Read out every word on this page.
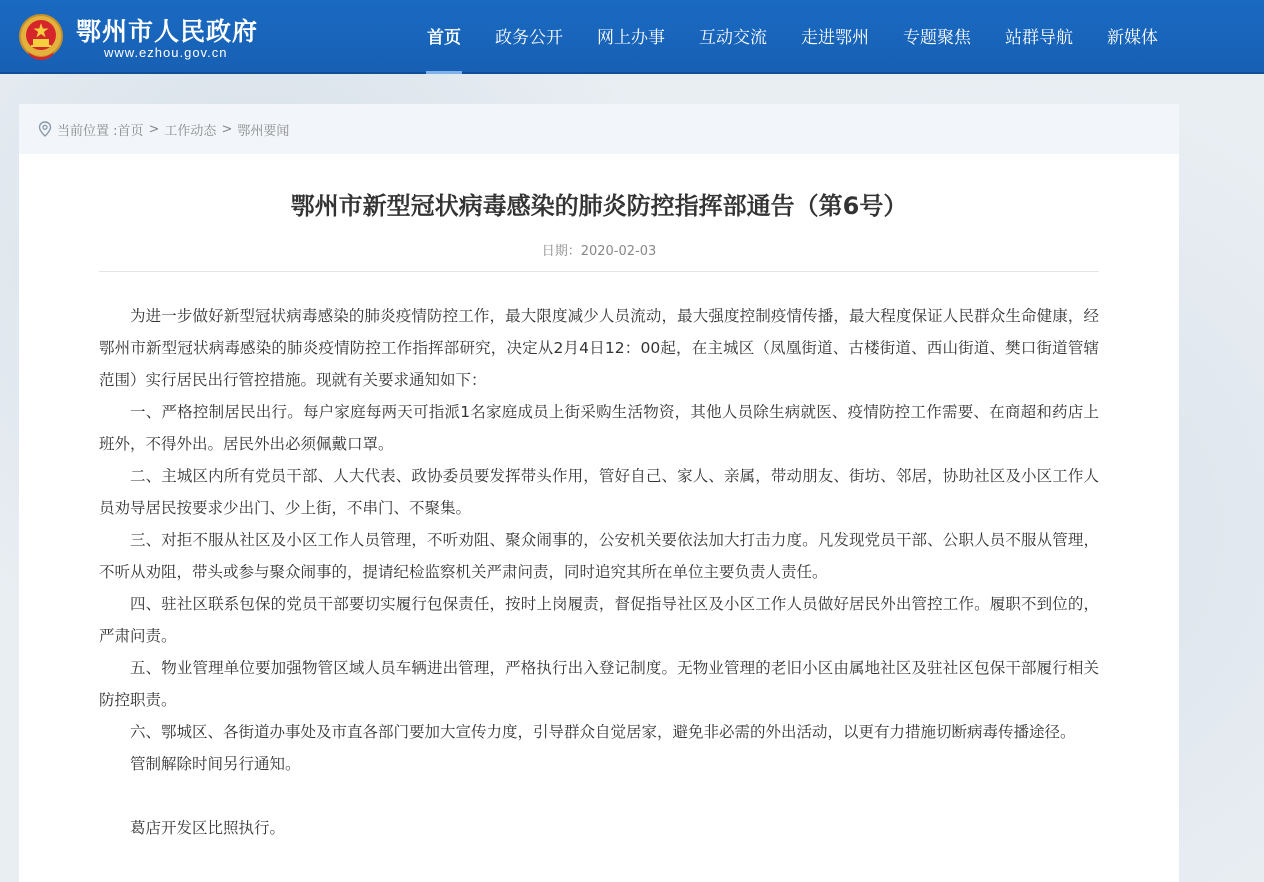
鄂州市人民政府
www.ezhou.gov.cn
首页	政务公开	网上办事	互动交流	走进鄂州	专题聚焦	站群导航	新媒体
当前位置 :首页 > 工作动态 > 鄂州要闻
鄂州市新型冠状病毒感染的肺炎防控指挥部通告（第6号）
日期：2020-02-03

为进一步做好新型冠状病毒感染的肺炎疫情防控工作，最大限度减少人员流动，最大强度控制疫情传播，最大程度保证人民群众生命健康，经鄂州市新型冠状病毒感染的肺炎疫情防控工作指挥部研究，决定从2月4日12：00起，在主城区（凤凰街道、古楼街道、西山街道、樊口街道管辖范围）实行居民出行管控措施。现就有关要求通知如下：

一、严格控制居民出行。每户家庭每两天可指派1名家庭成员上街采购生活物资，其他人员除生病就医、疫情防控工作需要、在商超和药店上班外，不得外出。居民外出必须佩戴口罩。

二、主城区内所有党员干部、人大代表、政协委员要发挥带头作用，管好自己、家人、亲属，带动朋友、街坊、邻居，协助社区及小区工作人员劝导居民按要求少出门、少上街，不串门、不聚集。

三、对拒不服从社区及小区工作人员管理，不听劝阻、聚众闹事的，公安机关要依法加大打击力度。凡发现党员干部、公职人员不服从管理，不听从劝阻，带头或参与聚众闹事的，提请纪检监察机关严肃问责，同时追究其所在单位主要负责人责任。

四、驻社区联系包保的党员干部要切实履行包保责任，按时上岗履责，督促指导社区及小区工作人员做好居民外出管控工作。履职不到位的，严肃问责。

五、物业管理单位要加强物管区域人员车辆进出管理，严格执行出入登记制度。无物业管理的老旧小区由属地社区及驻社区包保干部履行相关防控职责。

六、鄂城区、各街道办事处及市直各部门要加大宣传力度，引导群众自觉居家，避免非必需的外出活动，以更有力措施切断病毒传播途径。

管制解除时间另行通知。

葛店开发区比照执行。
